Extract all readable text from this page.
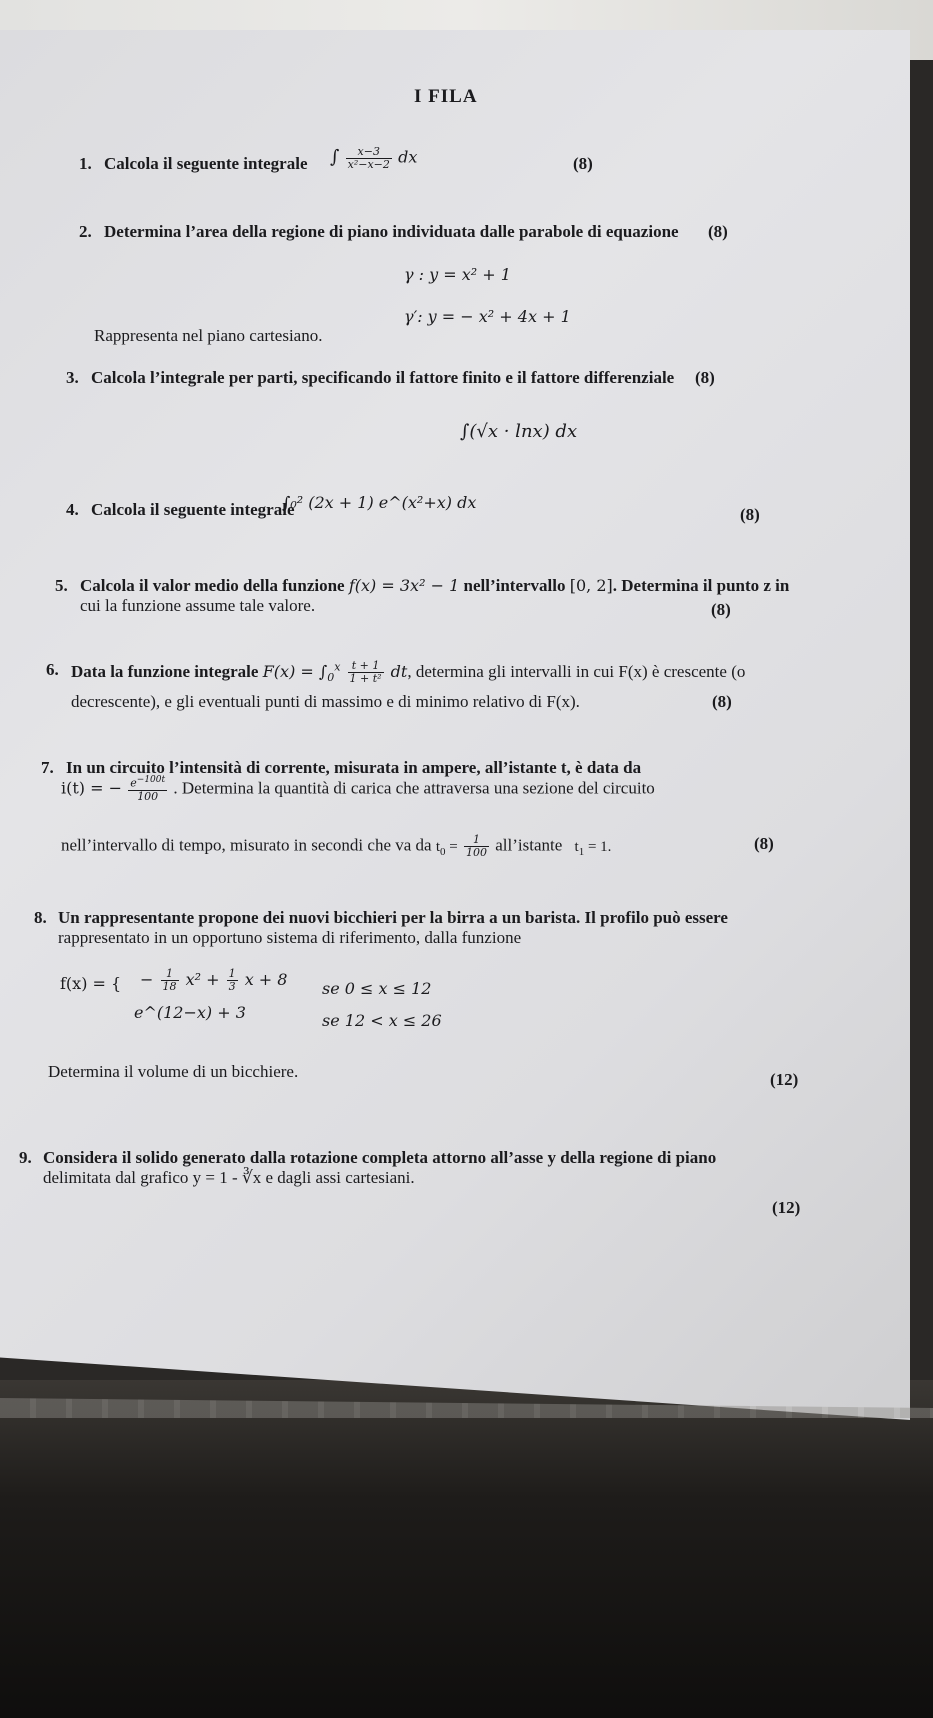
I FILA
1. Calcola il seguente integrale ∫ $\frac{x-3}{\text{x²−x−2}}$ dx	(8)
2. Determina l’area della regione di piano individuata dalle parabole di equazione (8)
γ : y = x² + 1
γ′: y = − x² + 4x + 1
Rappresenta nel piano cartesiano.
3. Calcola l’integrale per parti, specificando il fattore finito e il fattore differenziale (8)
∫(√x · lnx) dx
4. Calcola il seguente integrale
∫₀² (2x + 1) e^(x²+x) dx
(8)
5. Calcola il valor medio della funzione f(x) = 3x² − 1 nell’intervallo [0, 2]. Determina il punto z in
cui la funzione assume tale valore.	(8)
6. Data la funzione integrale $F(x) = \int_0^x \frac{t + 1}{\text{1 + t²}}$ dt, determina gli intervalli in cui F(x) è crescente (o
decrescente), e gli eventuali punti di massimo e di minimo relativo di F(x).	(8)
7. In un circuito l’intensità di corrente, misurata in ampere, all’istante t, è data da
i(t) = − $\frac{e^{-100t}}{100}$ . Determina la quantità di carica che attraversa una sezione del circuito
nell’intervallo di tempo, misurato in secondi che va da $t_0 = \frac{1}{100}$ all’istante $t_1 = 1$.	(8)
8. Un rappresentante propone dei nuovi bicchieri per la birra a un barista. Il profilo può essere
rappresentato in un opportuno sistema di riferimento, dalla funzione
f(x) = { − $\frac{1}{18} x^2 + \frac{1}{3}$ x + 8 se 0 ≤ x ≤ 12
e^(12−x) + 3	se 12 < x ≤ 26
Determina il volume di un bicchiere.	(12)
9. Considera il solido generato dalla rotazione completa attorno all’asse y della regione di piano
delimitata dal grafico y = 1 - ∛x e dagli assi cartesiani.
(12)
